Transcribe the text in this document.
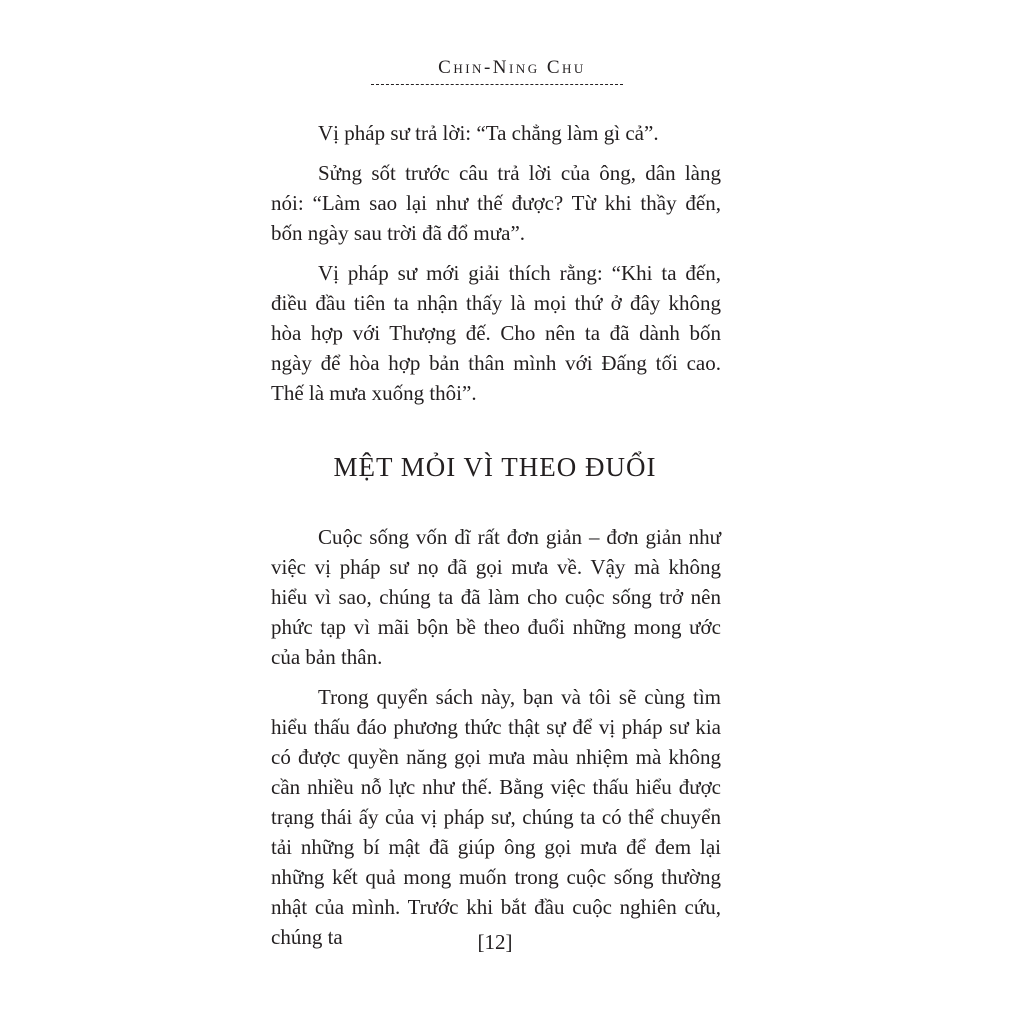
Chin-Ning Chu

Vị pháp sư trả lời: “Ta chẳng làm gì cả”.

Sửng sốt trước câu trả lời của ông, dân làng nói: “Làm sao lại như thế được? Từ khi thầy đến, bốn ngày sau trời đã đổ mưa”.

Vị pháp sư mới giải thích rằng: “Khi ta đến, điều đầu tiên ta nhận thấy là mọi thứ ở đây không hòa hợp với Thượng đế. Cho nên ta đã dành bốn ngày để hòa hợp bản thân mình với Đấng tối cao. Thế là mưa xuống thôi”.

MỆT MỎI VÌ THEO ĐUỔI

Cuộc sống vốn dĩ rất đơn giản – đơn giản như việc vị pháp sư nọ đã gọi mưa về. Vậy mà không hiểu vì sao, chúng ta đã làm cho cuộc sống trở nên phức tạp vì mãi bộn bề theo đuổi những mong ước của bản thân.

Trong quyển sách này, bạn và tôi sẽ cùng tìm hiểu thấu đáo phương thức thật sự để vị pháp sư kia có được quyền năng gọi mưa màu nhiệm mà không cần nhiều nỗ lực như thế. Bằng việc thấu hiểu được trạng thái ấy của vị pháp sư, chúng ta có thể chuyển tải những bí mật đã giúp ông gọi mưa để đem lại những kết quả mong muốn trong cuộc sống thường nhật của mình. Trước khi bắt đầu cuộc nghiên cứu, chúng ta	[12]
